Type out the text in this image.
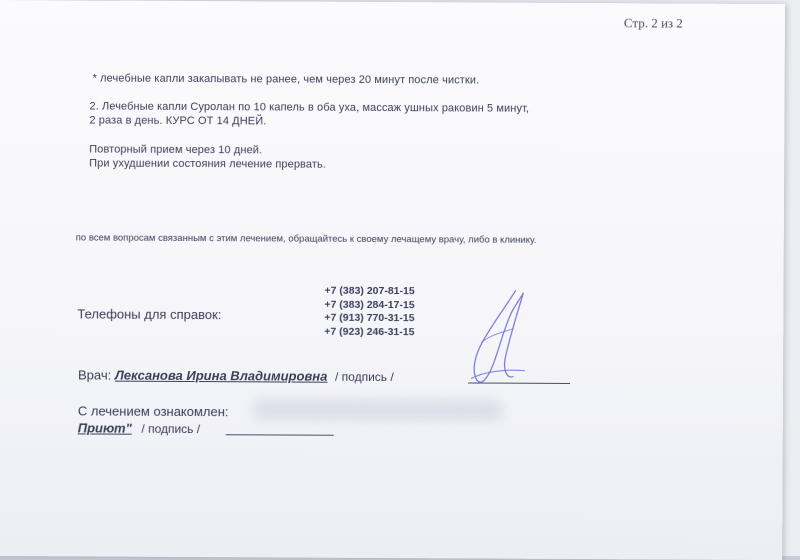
Стр. 2 из 2
* лечебные капли закапывать не ранее, чем через 20 минут после чистки.
2. Лечебные капли Суролан по 10 капель в оба уха, массаж ушных раковин 5 минут,
2 раза в день. КУРС ОТ 14 ДНЕЙ.
Повторный прием через 10 дней.
При ухудшении состояния лечение прервать.
по всем вопросам связанным с этим лечением, обращайтесь к своему лечащему врачу, либо в клинику.
Телефоны для справок:
+7 (383) 207-81-15
+7 (383) 284-17-15
+7 (913) 770-31-15
+7 (923) 246-31-15
Врач: Лексанова Ирина Владимировна / подпись /
С лечением ознакомлен:
Приют" / подпись /
